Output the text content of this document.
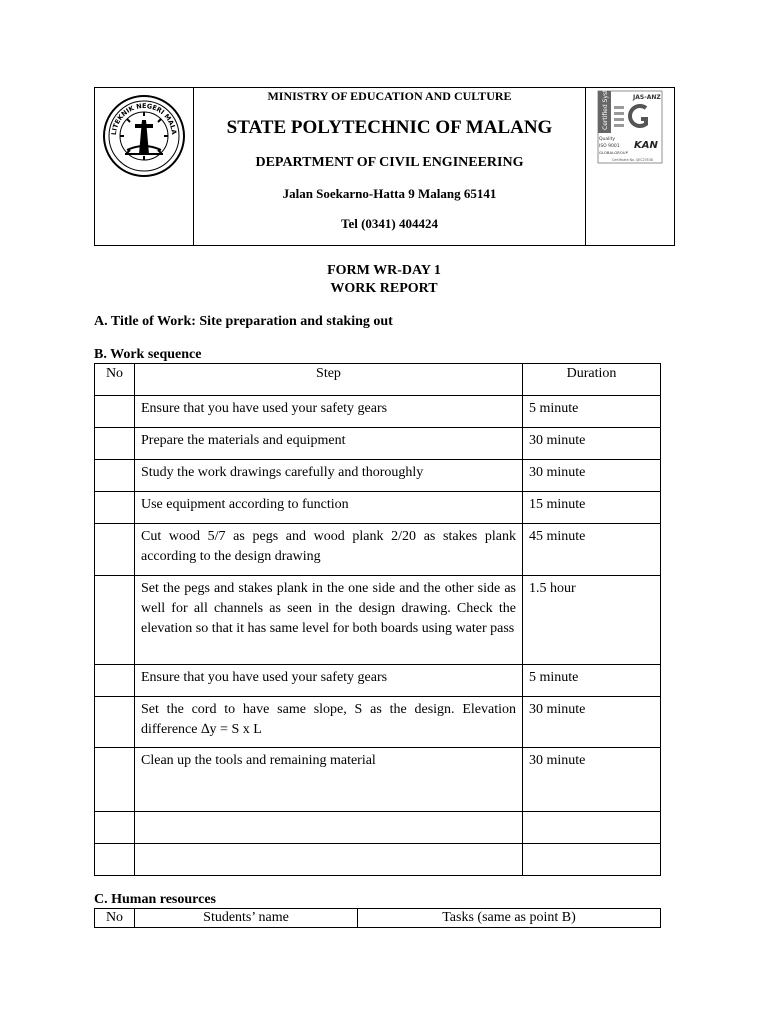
LITEKNIK NEGERI MALA
MINISTRY OF EDUCATION AND CULTURE
STATE POLYTECHNIC OF MALANG
DEPARTMENT OF CIVIL ENGINEERING
Jalan Soekarno-Hatta 9 Malang 65141
Tel (0341) 404424
Certified System	JAS-ANZ
Quality
ISO 9001
GLOBALGROUP
KAN
Certificate No. QEC23538
FORM WR-DAY 1
WORK REPORT
A. Title of Work: Site preparation and staking out
B. Work sequence
No	Step	Duration
	Ensure that you have used your safety gears	5 minute
	Prepare the materials and equipment	30 minute
	Study the work drawings carefully and thoroughly	30 minute
	Use equipment according to function	15 minute
	Cut wood 5/7 as pegs and wood plank 2/20 as stakes plank according to the design drawing	45 minute
	Set the pegs and stakes plank in the one side and the other side as well for all channels as seen in the design drawing. Check the elevation so that it has same level for both boards using water pass	1.5 hour
	Ensure that you have used your safety gears	5 minute
	Set the cord to have same slope, S as the design. Elevation difference ∆y = S x L	30 minute
	Clean up the tools and remaining material	30 minute

C. Human resources
No	Students’ name	Tasks (same as point B)
